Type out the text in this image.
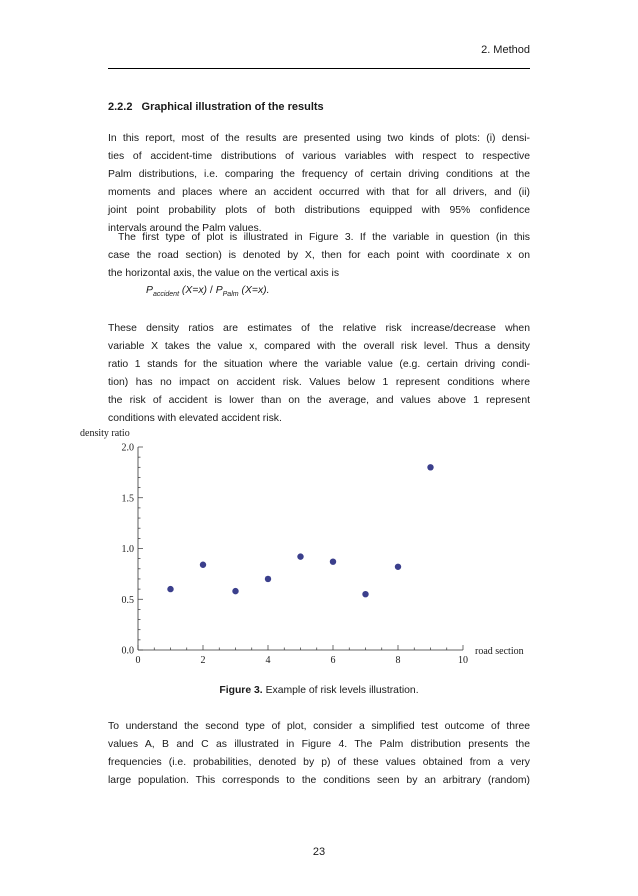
2. Method
2.2.2 Graphical illustration of the results
In this report, most of the results are presented using two kinds of plots: (i) densi-
ties of accident-time distributions of various variables with respect to respective
Palm distributions, i.e. comparing the frequency of certain driving conditions at the
moments and places where an accident occurred with that for all drivers, and (ii)
joint point probability plots of both distributions equipped with 95% confidence
intervals around the Palm values.
The first type of plot is illustrated in Figure 3. If the variable in question (in this
case the road section) is denoted by X, then for each point with coordinate x on
the horizontal axis, the value on the vertical axis is
$P_{accident}$ $(X=x) / P_{Palm}$ (X=x).
These density ratios are estimates of the relative risk increase/decrease when
variable X takes the value x, compared with the overall risk level. Thus a density
ratio 1 stands for the situation where the variable value (e.g. certain driving condi-
tion) has no impact on accident risk. Values below 1 represent conditions where
the risk of accident is lower than on the average, and values above 1 represent
conditions with elevated accident risk.
0	2	4	6	8	10
0.0
0.5
1.0
1.5
2.0
density ratio
road section
Figure 3. Example of risk levels illustration.
To understand the second type of plot, consider a simplified test outcome of three
values A, B and C as illustrated in Figure 4. The Palm distribution presents the
frequencies (i.e. probabilities, denoted by p) of these values obtained from a very
large population. This corresponds to the conditions seen by an arbitrary (random)
23
